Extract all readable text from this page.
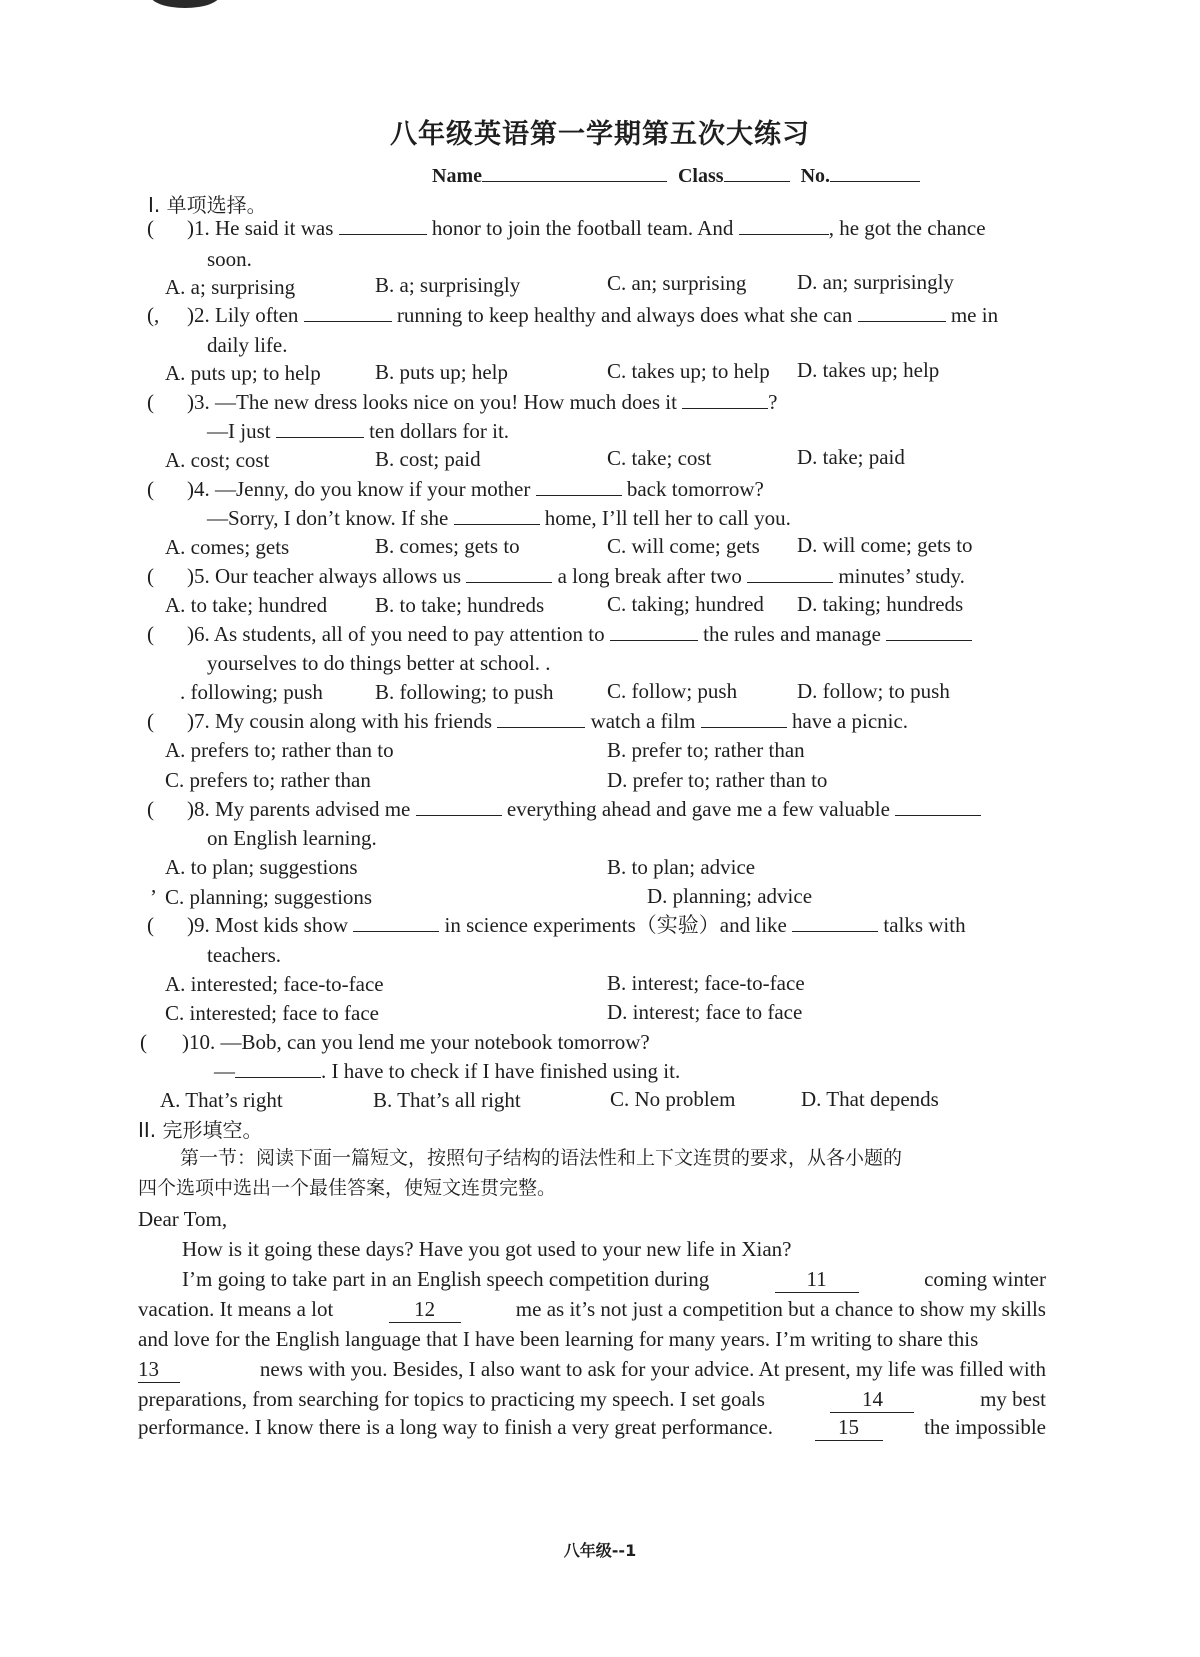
八年级英语第一学期第五次大练习
Name	Class	No.
I. 单项选择。
( )1. He said it was	honor to join the football team. And	, he got the chance
soon.
A. a; surprising	B. a; surprisingly	C. an; surprising D. an; surprisingly
(, )2. Lily often	running to keep healthy and always does what she can	me in
daily life.
A. puts up; to help	B. puts up; help	C. takes up; to help D. takes up; help
( )3. —The new dress looks nice on you! How much does it	?
—I just	ten dollars for it.
A. cost; cost	B. cost; paid	C. take; cost	D. take; paid
( )4. —Jenny, do you know if your mother	back tomorrow?
—Sorry, I don’t know. If she	home, I’ll tell her to call you.
A. comes; gets	B. comes; gets to	C. will come; gets D. will come; gets to
( )5. Our teacher always allows us	a long break after two	minutes’ study.
A. to take; hundred B. to take; hundreds	C. taking; hundred D. taking; hundreds
( )6. As students, all of you need to pay attention to	the rules and manage
yourselves to do things better at school. .
. following; push B. following; to push	C. follow; push	D. follow; to push
( )7. My cousin along with his friends	watch a film	have a picnic.
A. prefers to; rather than to	B. prefer to; rather than
C. prefers to; rather than	D. prefer to; rather than to
( )8. My parents advised me	everything ahead and gave me a few valuable
on English learning.
A. to plan; suggestions	B. to plan; advice
’ C. planning; suggestions	D. planning; advice
( )9. Most kids show	in science experiments（实验）and like	talks with
teachers.
A. interested; face-to-face	B. interest; face-to-face
C. interested; face to face	D. interest; face to face
( )10. —Bob, can you lend me your notebook tomorrow?
—	. I have to check if I have finished using it.
A. That’s right	B. That’s all right	C. No problem	D. That depends
II. 完形填空。
第一节：阅读下面一篇短文，按照句子结构的语法性和上下文连贯的要求，从各小题的
四个选项中选出一个最佳答案，使短文连贯完整。
Dear Tom,
How is it going these days? Have you got used to your new life in Xian?
I’m going to take part in an English speech competition during	11	coming winter
vacation. It means a lot	12	me as it’s not just a competition but a chance to show my skills
and love for the English language that I have been learning for many years. I’m writing to share this
13	news with you. Besides, I also want to ask for your advice. At present, my life was filled with
preparations, from searching for topics to practicing my speech. I set goals	14	my best
performance. I know there is a long way to finish a very great performance.	15	the impossible
八年级--1
